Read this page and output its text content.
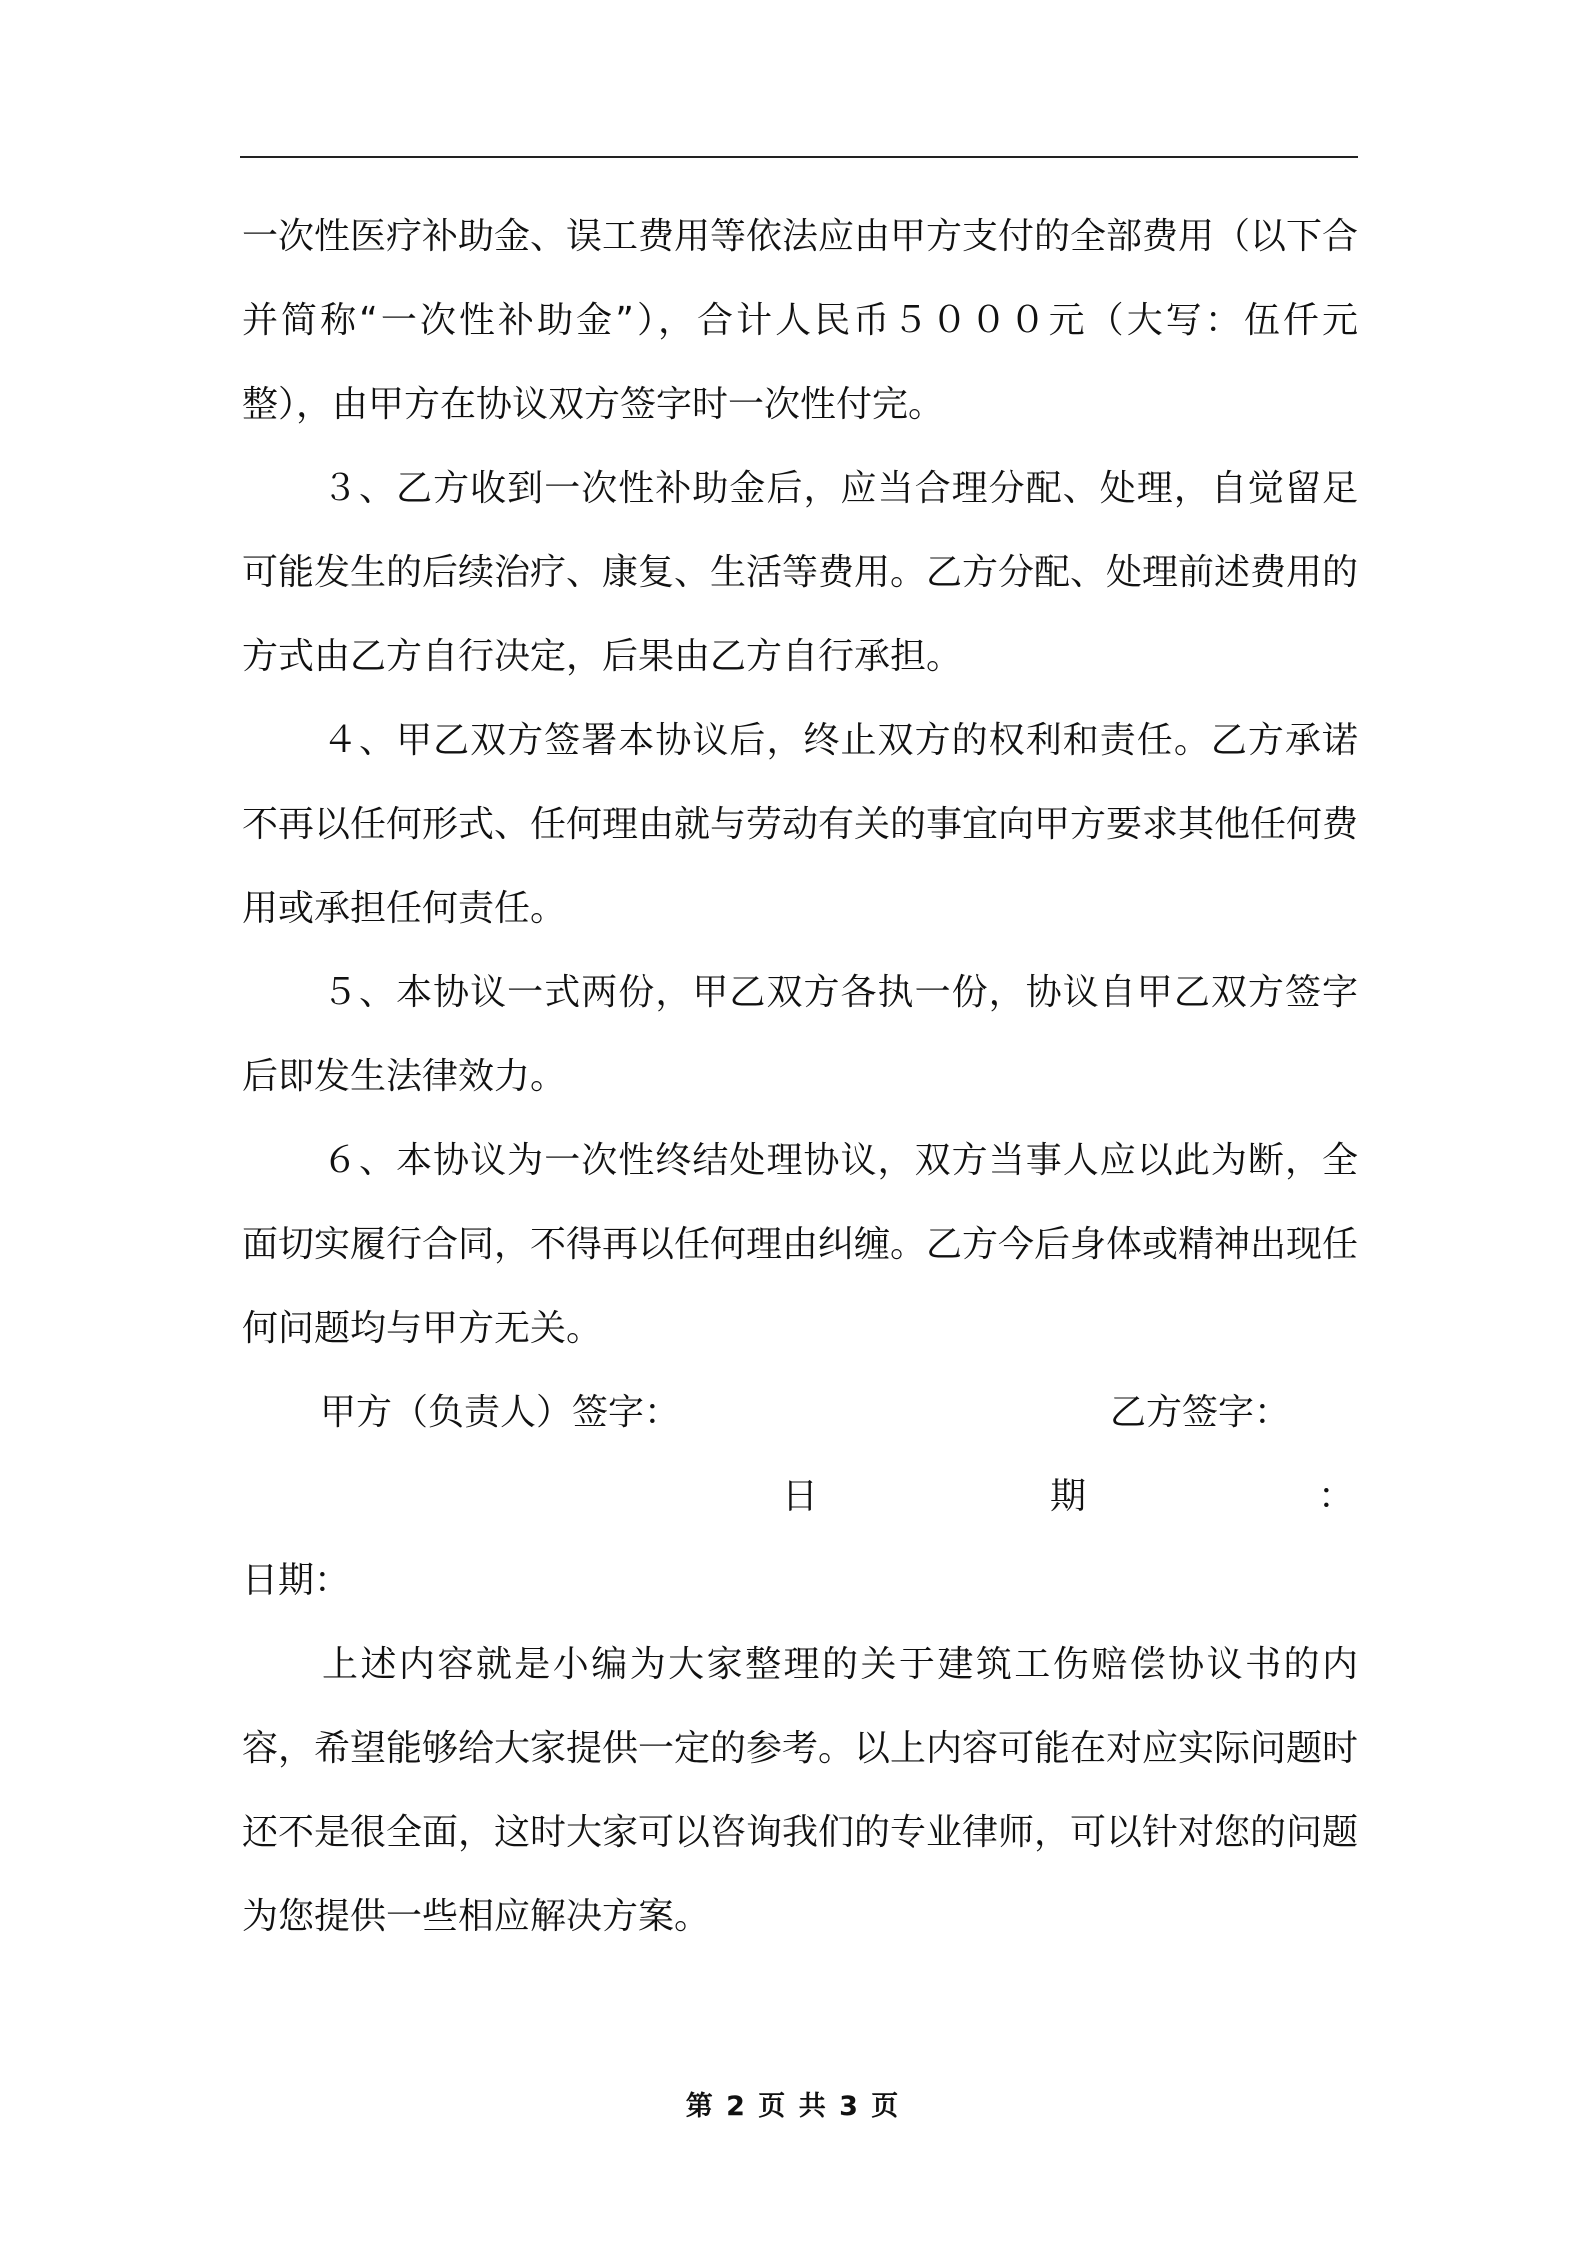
一次性医疗补助金、误工费用等依法应由甲方支付的全部费用（以下合并简称“一次性补助金”），合计人民币５０００元（大写：伍仟元整），由甲方在协议双方签字时一次性付完。

３、乙方收到一次性补助金后，应当合理分配、处理，自觉留足可能发生的后续治疗、康复、生活等费用。乙方分配、处理前述费用的方式由乙方自行决定，后果由乙方自行承担。

４、甲乙双方签署本协议后，终止双方的权利和责任。乙方承诺不再以任何形式、任何理由就与劳动有关的事宜向甲方要求其他任何费用或承担任何责任。

５、本协议一式两份，甲乙双方各执一份，协议自甲乙双方签字后即发生法律效力。

６、本协议为一次性终结处理协议，双方当事人应以此为断，全面切实履行合同，不得再以任何理由纠缠。乙方今后身体或精神出现任何问题均与甲方无关。

甲方（负责人）签字：	乙方签字：
日	期	：
日期：

上述内容就是小编为大家整理的关于建筑工伤赔偿协议书的内容，希望能够给大家提供一定的参考。以上内容可能在对应实际问题时还不是很全面，这时大家可以咨询我们的专业律师，可以针对您的问题为您提供一些相应解决方案。

第 2 页 共 3 页
